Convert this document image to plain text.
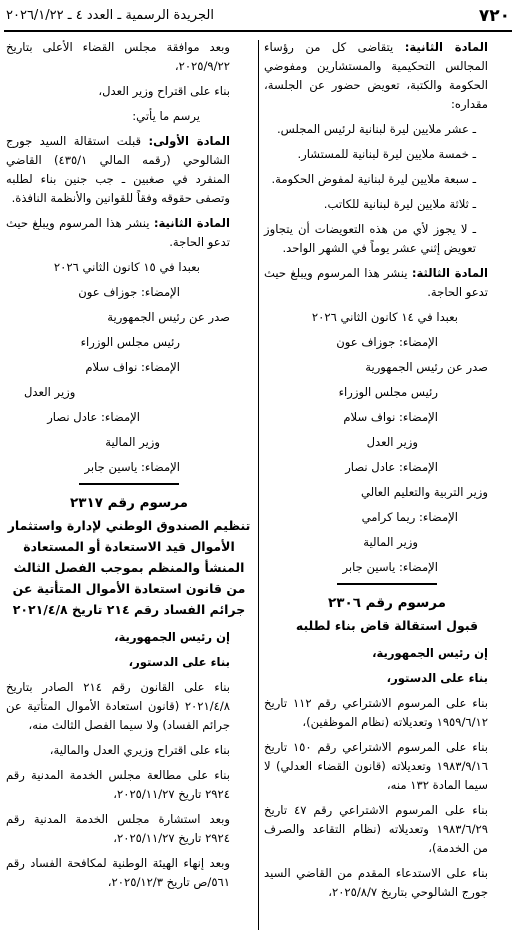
٧٢٠
الجريدة الرسمية ـ العدد ٤ ـ ٢٠٢٦/١/٢٢

المادة الثانية: يتقاضى كل من رؤساء المجالس التحكيمية والمستشارين ومفوضي الحكومة والكتبة، تعويض حضور عن الجلسة، مقداره:

ـ عشر ملايين ليرة لبنانية لرئيس المجلس.

ـ خمسة ملايين ليرة لبنانية للمستشار.

ـ سبعة ملايين ليرة لبنانية لمفوض الحكومة.

ـ ثلاثة ملايين ليرة لبنانية للكاتب.

ـ لا يجوز لأي من هذه التعويضات أن يتجاوز تعويض إثني عشر يوماً في الشهر الواحد.

المادة الثالثة: ينشر هذا المرسوم ويبلغ حيث تدعو الحاجة.

بعبدا في ١٤ كانون الثاني ٢٠٢٦

الإمضاء: جوزاف عون

صدر عن رئيس الجمهورية

رئيس مجلس الوزراء

الإمضاء: نواف سلام

وزير العدل

الإمضاء: عادل نصار

وزير التربية والتعليم العالي

الإمضاء: ريما كرامي

وزير المالية

الإمضاء: ياسين جابر

مرسوم رقم ٢٣٠٦
قبول استقالة قاض بناء لطلبه

إن رئيس الجمهورية،

بناء على الدستور،

بناء على المرسوم الاشتراعي رقم ١١٢ تاريخ ١٩٥٩/٦/١٢ وتعديلاته (نظام الموظفين)،

بناء على المرسوم الاشتراعي رقم ١٥٠ تاريخ ١٩٨٣/٩/١٦ وتعديلاته (قانون القضاء العدلي) لا سيما المادة ١٣٢ منه،

بناء على المرسوم الاشتراعي رقم ٤٧ تاريخ ١٩٨٣/٦/٢٩ وتعديلاته (نظام التقاعد والصرف من الخدمة)،

بناء على الاستدعاء المقدم من القاضي السيد جورج الشالوحي بتاريخ ٢٠٢٥/٨/٧،

وبعد موافقة مجلس القضاء الأعلى بتاريخ ٢٠٢٥/٩/٢٢،

بناء على اقتراح وزير العدل،

يرسم ما يأتي:

المادة الأولى: قبلت استقالة السيد جورج الشالوحي (رقمه المالي ٤٣٥/١) القاضي المنفرد في صغبين ـ جب جنين بناء لطلبه وتصفى حقوقه وفقاً للقوانين والأنظمة النافذة.

المادة الثانية: ينشر هذا المرسوم ويبلغ حيث تدعو الحاجة.

بعبدا في ١٥ كانون الثاني ٢٠٢٦

الإمضاء: جوزاف عون

صدر عن رئيس الجمهورية

رئيس مجلس الوزراء

الإمضاء: نواف سلام

وزير العدل

الإمضاء: عادل نصار

وزير المالية

الإمضاء: ياسين جابر

مرسوم رقم ٢٣١٧
تنظيم الصندوق الوطني لإدارة واستثمار الأموال قيد الاستعادة أو المستعادة المنشأ والمنظم بموجب الفصل الثالث من قانون استعادة الأموال المتأتية عن جرائم الفساد رقم ٢١٤ تاريخ ٢٠٢١/٤/٨

إن رئيس الجمهورية،

بناء على الدستور،

بناء على القانون رقم ٢١٤ الصادر بتاريخ ٢٠٢١/٤/٨ (قانون استعادة الأموال المتأتية عن جرائم الفساد) ولا سيما الفصل الثالث منه،

بناء على اقتراح وزيري العدل والمالية،

بناء على مطالعة مجلس الخدمة المدنية رقم ٢٩٢٤ تاريخ ٢٠٢٥/١١/٢٧،

وبعد استشارة مجلس الخدمة المدنية رقم ٢٩٢٤ تاريخ ٢٠٢٥/١١/٢٧،

وبعد إنهاء الهيئة الوطنية لمكافحة الفساد رقم ٥٦١/ص تاريخ ٢٠٢٥/١٢/٣،
